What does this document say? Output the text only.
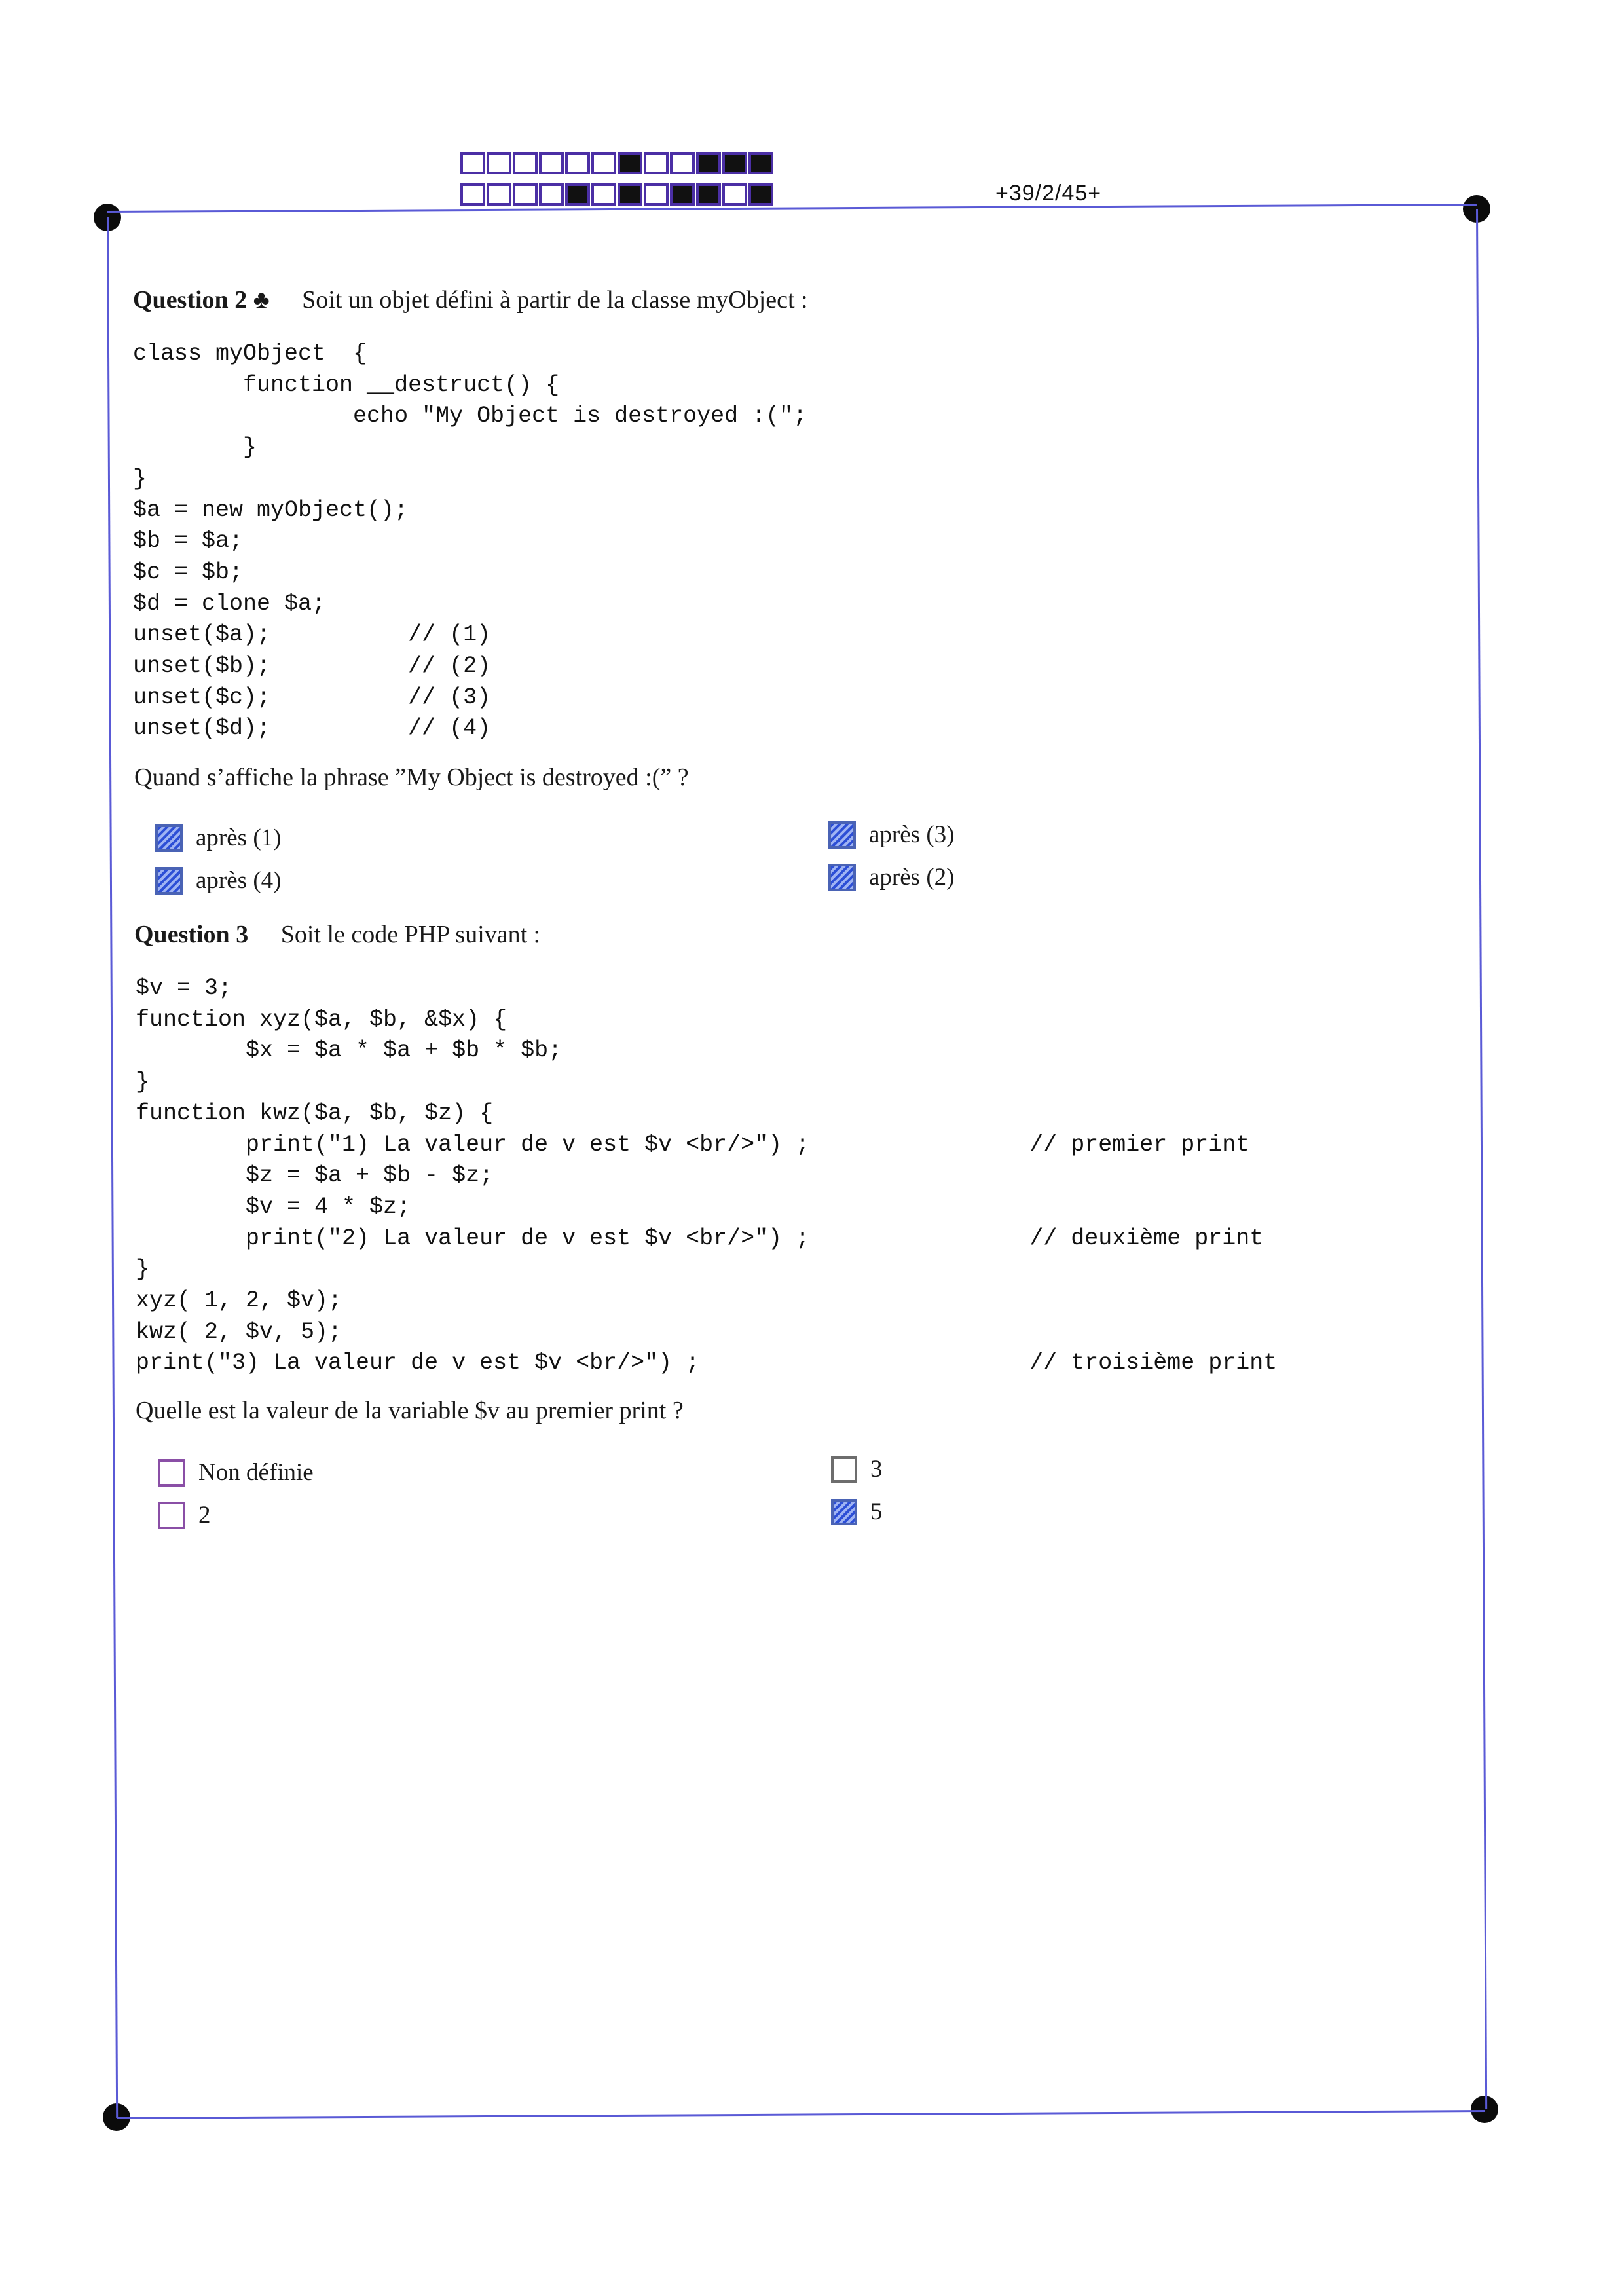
+39/2/45+
Question 2 ♣ Soit un objet défini à partir de la classe myObject :
class myObject  {
function __destruct() {
echo "My Object is destroyed :(";
}
}
$a = new myObject();
$b = $a;
$c = $b;
$d = clone $a;
unset($a);          // (1)
unset($b);          // (2)
unset($c);          // (3)
unset($d);          // (4)
Quand s’affiche la phrase ”My Object is destroyed :(” ?
après (1)
après (4)
après (3)
après (2)
Question 3 Soit le code PHP suivant :
$v = 3;
function xyz($a, $b, &$x) {
$x = $a * $a + $b * $b;
}
function kwz($a, $b, $z) {
print("1) La valeur de v est $v <br/>") ;                // premier print
$z = $a + $b - $z;
$v = 4 * $z;
print("2) La valeur de v est $v <br/>") ;                // deuxième print
}
xyz( 1, 2, $v);
kwz( 2, $v, 5);
print("3) La valeur de v est $v <br/>") ;                        // troisième print
Quelle est la valeur de la variable $v au premier print ?
Non définie
2
3
5
